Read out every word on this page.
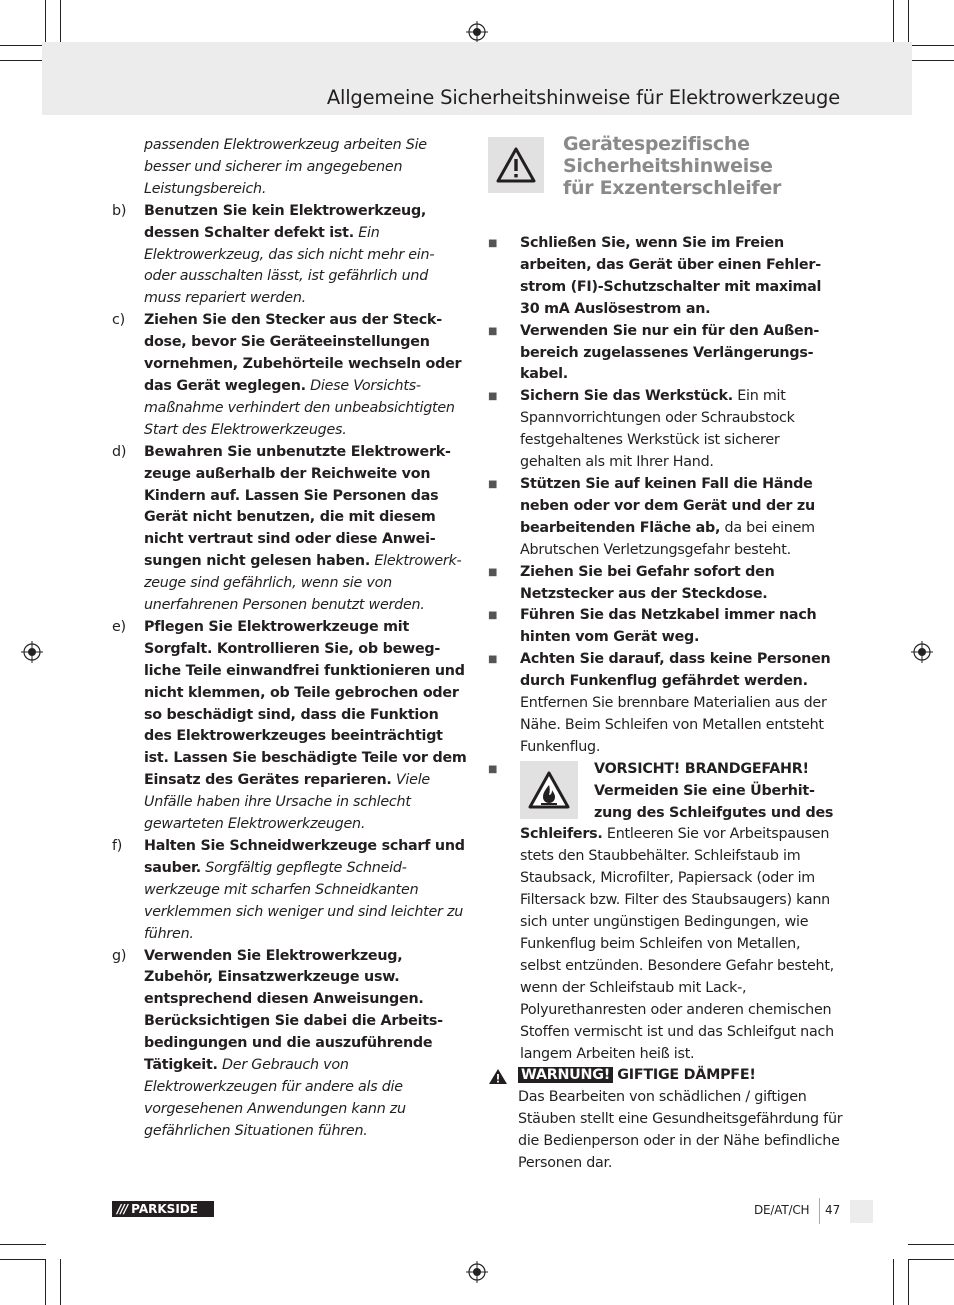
Allgemeine Sicherheitshinweise für Elektrowerkzeuge
passenden Elektrowerkzeug arbeiten Sie besser und sicherer im angegebenen Leistungsbereich.
b) Benutzen Sie kein Elektrowerkzeug, dessen Schalter defekt ist. Ein Elektrowerkzeug, das sich nicht mehr ein- oder ausschalten lässt, ist gefährlich und muss repariert werden.
c) Ziehen Sie den Stecker aus der Steckdose, bevor Sie Geräteeinstellungen vornehmen, Zubehörteile wechseln oder das Gerät weglegen. Diese Vorsichtsmaßnahme verhindert den unbeabsichtigten Start des Elektrowerkzeuges.
d) Bewahren Sie unbenutzte Elektrowerkzeuge außerhalb der Reichweite von Kindern auf. Lassen Sie Personen das Gerät nicht benutzen, die mit diesem nicht vertraut sind oder diese Anweisungen nicht gelesen haben. Elektrowerkzeuge sind gefährlich, wenn sie von unerfahrenen Personen benutzt werden.
e) Pflegen Sie Elektrowerkzeuge mit Sorgfalt. Kontrollieren Sie, ob bewegliche Teile einwandfrei funktionieren und nicht klemmen, ob Teile gebrochen oder so beschädigt sind, dass die Funktion des Elektrowerkzeuges beeinträchtigt ist. Lassen Sie beschädigte Teile vor dem Einsatz des Gerätes reparieren. Viele Unfälle haben ihre Ursache in schlecht gewarteten Elektrowerkzeugen.
f) Halten Sie Schneidwerkzeuge scharf und sauber. Sorgfältig gepflegte Schneidwerkzeuge mit scharfen Schneidkanten verklemmen sich weniger und sind leichter zu führen.
g) Verwenden Sie Elektrowerkzeug, Zubehör, Einsatzwerkzeuge usw. entsprechend diesen Anweisungen. Berücksichtigen Sie dabei die Arbeitsbedingungen und die auszuführende Tätigkeit. Der Gebrauch von Elektrowerkzeugen für andere als die vorgesehenen Anwendungen kann zu gefährlichen Situationen führen.
Gerätespezifische
Sicherheitshinweise
für Exzenterschleifer
■ Schließen Sie, wenn Sie im Freien arbeiten, das Gerät über einen Fehlerstrom (FI)-Schutzschalter mit maximal 30 mA Auslösestrom an.
■ Verwenden Sie nur ein für den Außenbereich zugelassenes Verlängerungskabel.
■ Sichern Sie das Werkstück. Ein mit Spannvorrichtungen oder Schraubstock festgehaltenes Werkstück ist sicherer gehalten als mit Ihrer Hand.
■ Stützen Sie auf keinen Fall die Hände neben oder vor dem Gerät und der zu bearbeitenden Fläche ab, da bei einem Abrutschen Verletzungsgefahr besteht.
■ Ziehen Sie bei Gefahr sofort den Netzstecker aus der Steckdose.
■ Führen Sie das Netzkabel immer nach hinten vom Gerät weg.
■ Achten Sie darauf, dass keine Personen durch Funkenflug gefährdet werden. Entfernen Sie brennbare Materialien aus der Nähe. Beim Schleifen von Metallen entsteht Funkenflug.
■	VORSICHT! BRANDGEFAHR! Vermeiden Sie eine Überhitzung des Schleifgutes und des Schleifers. Entleeren Sie vor Arbeitspausen stets den Staubbehälter. Schleifstaub im Staubsack, Microfilter, Papiersack (oder im Filtersack bzw. Filter des Staubsaugers) kann sich unter ungünstigen Bedingungen, wie Funkenflug beim Schleifen von Metallen, selbst entzünden. Besondere Gefahr besteht, wenn der Schleifstaub mit Lack-, Polyurethanresten oder anderen chemischen Stoffen vermischt ist und das Schleifgut nach langem Arbeiten heiß ist.
WARNUNG! GIFTIGE DÄMPFE!
Das Bearbeiten von schädlichen / giftigen Stäuben stellt eine Gesundheitsgefährdung für die Bedienperson oder in der Nähe befindliche Personen dar.
/// PARKSIDE	DE/AT/CH 47
